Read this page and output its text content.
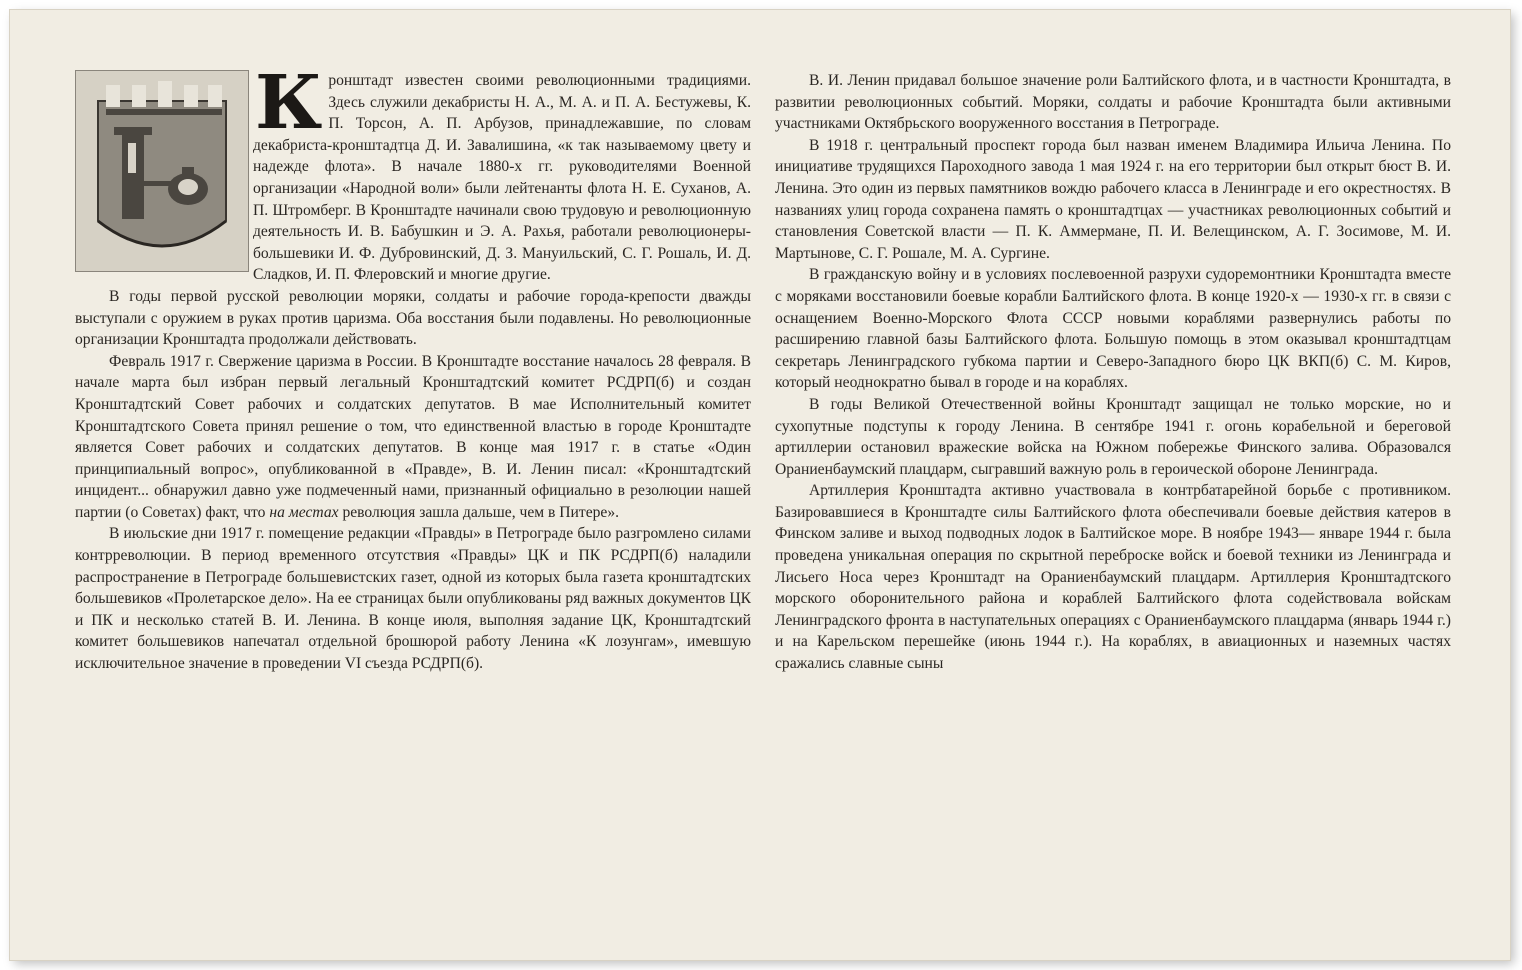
К ронштадт известен своими революционными традициями. Здесь служили декабристы Н. А., М. А. и П. А. Бестужевы, К. П. Торсон, А. П. Арбузов, принадлежавшие, по словам декабриста-кронштадтца Д. И. Завалишина, «к так называемому цвету и надежде флота». В начале 1880-х гг. руководителями Военной организации «Народной воли» были лейтенанты флота Н. Е. Суханов, А. П. Штромберг. В Кронштадте начинали свою трудовую и революционную деятельность И. В. Бабушкин и Э. А. Рахья, работали революционеры-большевики И. Ф. Дубровинский, Д. З. Мануильский, С. Г. Рошаль, И. Д. Сладков, И. П. Флеровский и многие другие.

В годы первой русской революции моряки, солдаты и рабочие города-крепости дважды выступали с оружием в руках против царизма. Оба восстания были подавлены. Но революционные организации Кронштадта продолжали действовать.

Февраль 1917 г. Свержение царизма в России. В Кронштадте восстание началось 28 февраля. В начале марта был избран первый легальный Кронштадтский комитет РСДРП(б) и создан Кронштадтский Совет рабочих и солдатских депутатов. В мае Исполнительный комитет Кронштадтского Совета принял решение о том, что единственной властью в городе Кронштадте является Совет рабочих и солдатских депутатов. В конце мая 1917 г. в статье «Один принципиальный вопрос», опубликованной в «Правде», В. И. Ленин писал: «Кронштадтский инцидент... обнаружил давно уже подмеченный нами, признанный официально в резолюции нашей партии (о Советах) факт, что на местах революция зашла дальше, чем в Питере».

В июльские дни 1917 г. помещение редакции «Правды» в Петрограде было разгромлено силами контрреволюции. В период временного отсутствия «Правды» ЦК и ПК РСДРП(б) наладили распространение в Петрограде большевистских газет, одной из которых была газета кронштадтских большевиков «Пролетарское дело». На ее страницах были опубликованы ряд важных документов ЦК и ПК и несколько статей В. И. Ленина. В конце июля, выполняя задание ЦК, Кронштадтский комитет большевиков напечатал отдельной брошюрой работу Ленина «К лозунгам», имевшую исключительное значение в проведении VI съезда РСДРП(б).

В. И. Ленин придавал большое значение роли Балтийского флота, и в частности Кронштадта, в развитии революционных событий. Моряки, солдаты и рабочие Кронштадта были активными участниками Октябрьского вооруженного восстания в Петрограде.

В 1918 г. центральный проспект города был назван именем Владимира Ильича Ленина. По инициативе трудящихся Пароходного завода 1 мая 1924 г. на его территории был открыт бюст В. И. Ленина. Это один из первых памятников вождю рабочего класса в Ленинграде и его окрестностях. В названиях улиц города сохранена память о кронштадтцах — участниках революционных событий и становления Советской власти — П. К. Аммермане, П. И. Велещинском, А. Г. Зосимове, М. И. Мартынове, С. Г. Рошале, М. А. Сургине.

В гражданскую войну и в условиях послевоенной разрухи судоремонтники Кронштадта вместе с моряками восстановили боевые корабли Балтийского флота. В конце 1920-х — 1930-х гг. в связи с оснащением Военно-Морского Флота СССР новыми кораблями развернулись работы по расширению главной базы Балтийского флота. Большую помощь в этом оказывал кронштадтцам секретарь Ленинградского губкома партии и Северо-Западного бюро ЦК ВКП(б) С. М. Киров, который неоднократно бывал в городе и на кораблях.

В годы Великой Отечественной войны Кронштадт защищал не только морские, но и сухопутные подступы к городу Ленина. В сентябре 1941 г. огонь корабельной и береговой артиллерии остановил вражеские войска на Южном побережье Финского залива. Образовался Ораниенбаумский плацдарм, сыгравший важную роль в героической обороне Ленинграда.

Артиллерия Кронштадта активно участвовала в контрбатарейной борьбе с противником. Базировавшиеся в Кронштадте силы Балтийского флота обеспечивали боевые действия катеров в Финском заливе и выход подводных лодок в Балтийское море. В ноябре 1943— январе 1944 г. была проведена уникальная операция по скрытной переброске войск и боевой техники из Ленинграда и Лисьего Носа через Кронштадт на Ораниенбаумский плацдарм. Артиллерия Кронштадтского морского оборонительного района и кораблей Балтийского флота содействовала войскам Ленинградского фронта в наступательных операциях с Ораниенбаумского плацдарма (январь 1944 г.) и на Карельском перешейке (июнь 1944 г.). На кораблях, в авиационных и наземных частях сражались славные сыны
